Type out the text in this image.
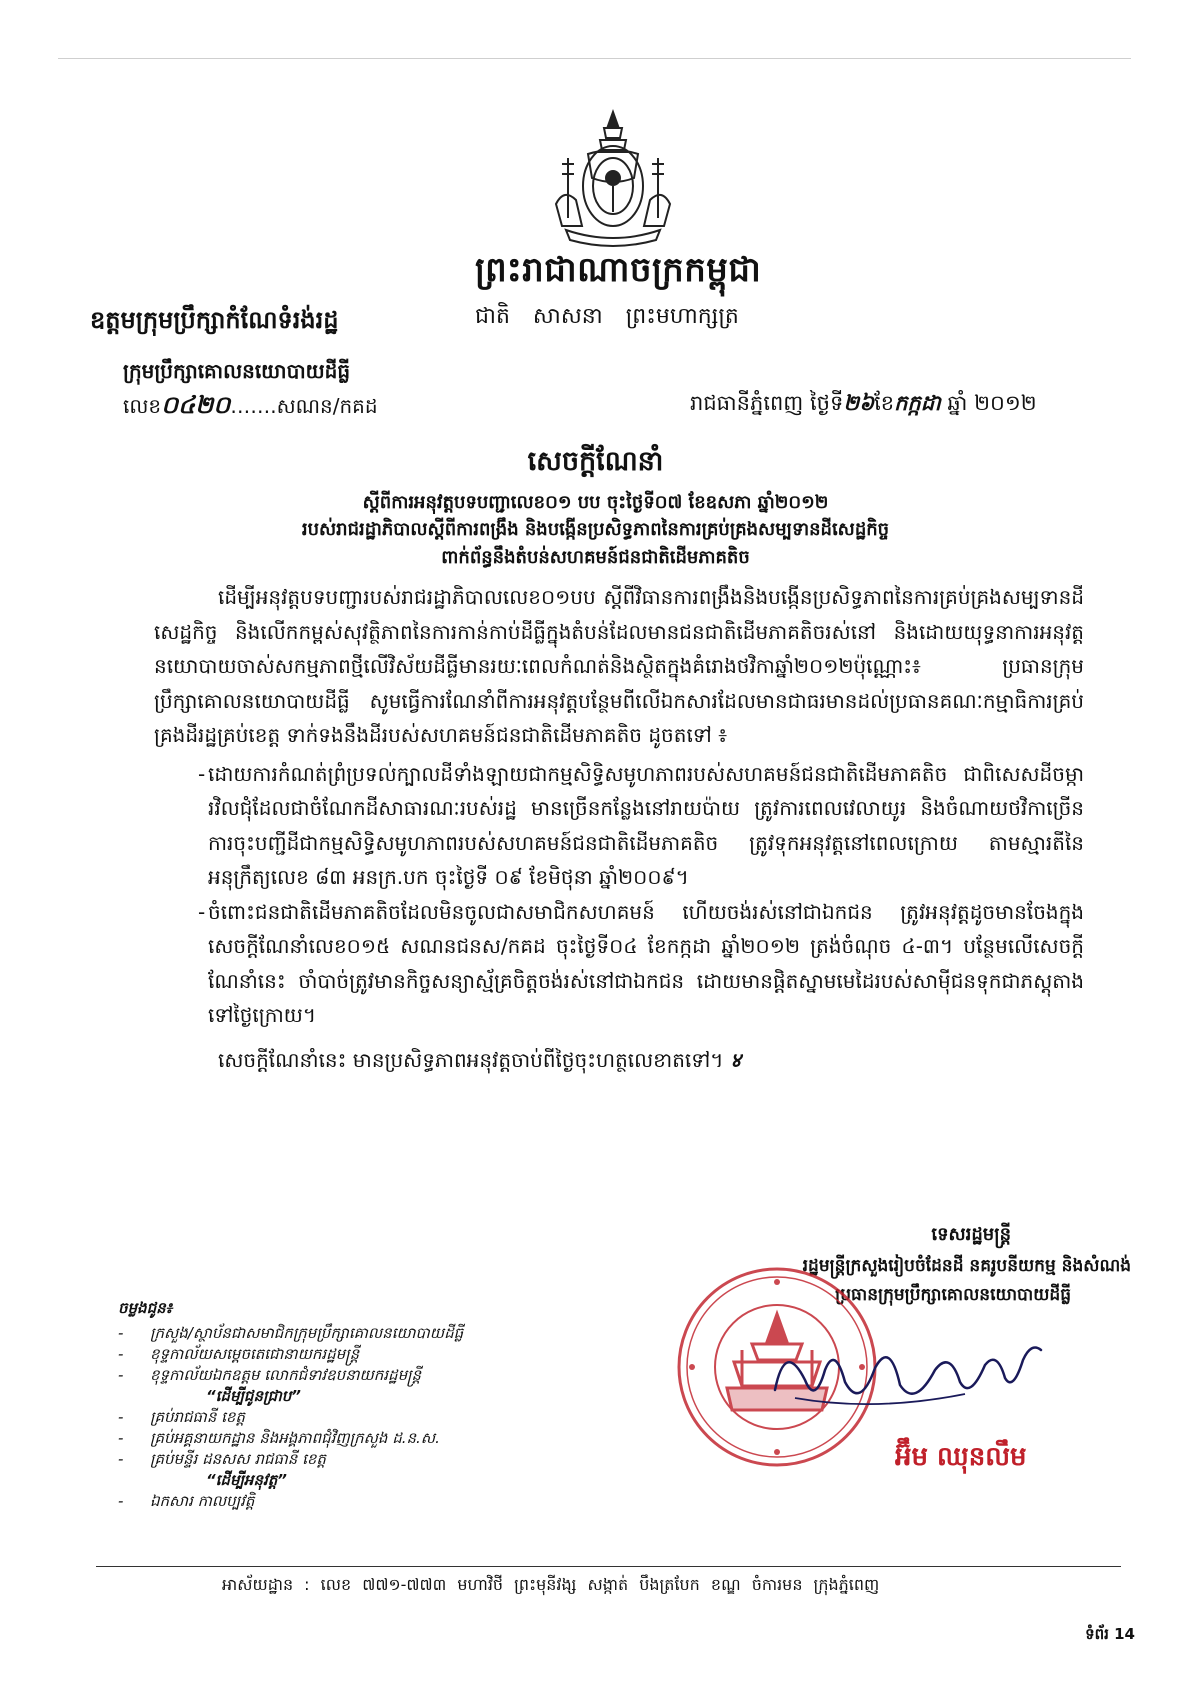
ព្រះរាជាណាចក្រកម្ពុជា
ជាតិ សាសនា ព្រះមហាក្សត្រ
ឧត្តមក្រុមប្រឹក្សាកំណែទំរង់រដ្ឋ
ក្រុមប្រឹក្សាគោលនយោបាយដីធ្លី
លេខ០៤២០…….សណន/កគដ	រាជធានីភ្នំពេញ ថ្ងៃទី២៦ខែកក្កដា ឆ្នាំ ២០១២
សេចក្ដីណែនាំ
ស្ដីពីការអនុវត្តបទបញ្ជាលេខ០១ បប ចុះថ្ងៃទី០៧ ខែឧសភា ឆ្នាំ២០១២
របស់រាជរដ្ឋាភិបាលស្ដីពីការពង្រឹង និងបង្កើនប្រសិទ្ធភាពនៃការគ្រប់គ្រងសម្បទានដីសេដ្ឋកិច្ច
ពាក់ព័ន្ធនឹងតំបន់សហគមន៍ជនជាតិដើមភាគតិច

ដើម្បីអនុវត្តបទបញ្ជារបស់រាជរដ្ឋាភិបាលលេខ០១បប ស្ដីពីវិធានការពង្រឹងនិងបង្កើនប្រសិទ្ធភាពនៃការគ្រប់គ្រងសម្បទានដីសេដ្ឋកិច្ច និងលើកកម្ពស់សុវត្ថិភាពនៃការកាន់កាប់ដីធ្លីក្នុងតំបន់ដែលមានជនជាតិដើមភាគតិចរស់នៅ និងដោយយុទ្ធនាការអនុវត្តនយោបាយចាស់សកម្មភាពថ្មីលើវិស័យដីធ្លីមានរយៈពេលកំណត់និងស្ថិតក្នុងគំរោងថវិកាឆ្នាំ២០១២ប៉ុណ្ណោះ៖ ប្រធានក្រុមប្រឹក្សាគោលនយោបាយដីធ្លី សូមធ្វើការណែនាំពីការអនុវត្តបន្ថែមពីលើឯកសារដែលមានជាធរមានដល់ប្រធានគណៈកម្មាធិការគ្រប់គ្រងដីរដ្ឋគ្រប់ខេត្ត ទាក់ទងនឹងដីរបស់សហគមន៍ជនជាតិដើមភាគតិច ដូចតទៅ ៖

- ដោយការកំណត់ព្រំប្រទល់ក្បាលដីទាំងឡាយជាកម្មសិទ្ធិសមូហភាពរបស់សហគមន៍ជនជាតិដើមភាគតិច ជាពិសេសដីចម្ការវិលជុំដែលជាចំណែកដីសាធារណៈរបស់រដ្ឋ មានច្រើនកន្លែងនៅរាយប៉ាយ ត្រូវការពេលវេលាយូរ និងចំណាយថវិកាច្រើន ការចុះបញ្ជីដីជាកម្មសិទ្ធិសមូហភាពរបស់សហគមន៍ជនជាតិដើមភាគតិច ត្រូវទុកអនុវត្តនៅពេលក្រោយ តាមស្មារតីនៃអនុក្រឹត្យលេខ ៨៣ អនក្រ.បក ចុះថ្ងៃទី ០៩ ខែមិថុនា ឆ្នាំ២០០៩។
- ចំពោះជនជាតិដើមភាគតិចដែលមិនចូលជាសមាជិកសហគមន៍ ហើយចង់រស់នៅជាឯកជន ត្រូវអនុវត្តដូចមានចែងក្នុងសេចក្ដីណែនាំលេខ០១៥ សណនជនស/កគដ ចុះថ្ងៃទី០៤ ខែកក្កដា ឆ្នាំ២០១២ ត្រង់ចំណុច ៤-៣។ បន្ថែមលើសេចក្ដីណែនាំនេះ ចាំបាច់ត្រូវមានកិច្ចសន្យាស្ម័គ្រចិត្តចង់រស់នៅជាឯកជន ដោយមានផ្ដិតស្នាមមេដៃរបស់សាម៉ីជនទុកជាភស្ដុតាងទៅថ្ងៃក្រោយ។

សេចក្ដីណែនាំនេះ មានប្រសិទ្ធភាពអនុវត្តចាប់ពីថ្ងៃចុះហត្ថលេខាតទៅ។ ४

ទេសរដ្ឋមន្ត្រី
រដ្ឋមន្ត្រីក្រសួងរៀបចំដែនដី នគរូបនីយកម្ម និងសំណង់
ប្រធានក្រុមប្រឹក្សាគោលនយោបាយដីធ្លី
អ៊ឹម ឈុនលឹម
ចម្លងជូន៖
- ក្រសួង/ស្ថាប័នជាសមាជិកក្រុមប្រឹក្សាគោលនយោបាយដីធ្លី
- ខុទ្ទកាល័យសម្ដេចតេជោនាយករដ្ឋមន្ត្រី
- ខុទ្ទកាល័យឯកឧត្តម លោកជំទាវឧបនាយករដ្ឋមន្ត្រី
“ដើម្បីជូនជ្រាប”
- គ្រប់រាជធានី ខេត្ត
- គ្រប់អគ្គនាយកដ្ឋាន និងអង្គភាពជុំវិញក្រសួង ដ.ន.ស.
- គ្រប់មន្ទីរ ដនសស រាជធានី ខេត្ត
“ដើម្បីអនុវត្ត”
- ឯកសារ កាលប្បវត្តិ
អាស័យដ្ឋាន : លេខ ៧៧១-៧៧៣ មហាវិថី ព្រះមុនីវង្ស សង្កាត់ បឹងត្របែក ខណ្ឌ ចំការមន ក្រុងភ្នំពេញ
ទំព័រ 14
